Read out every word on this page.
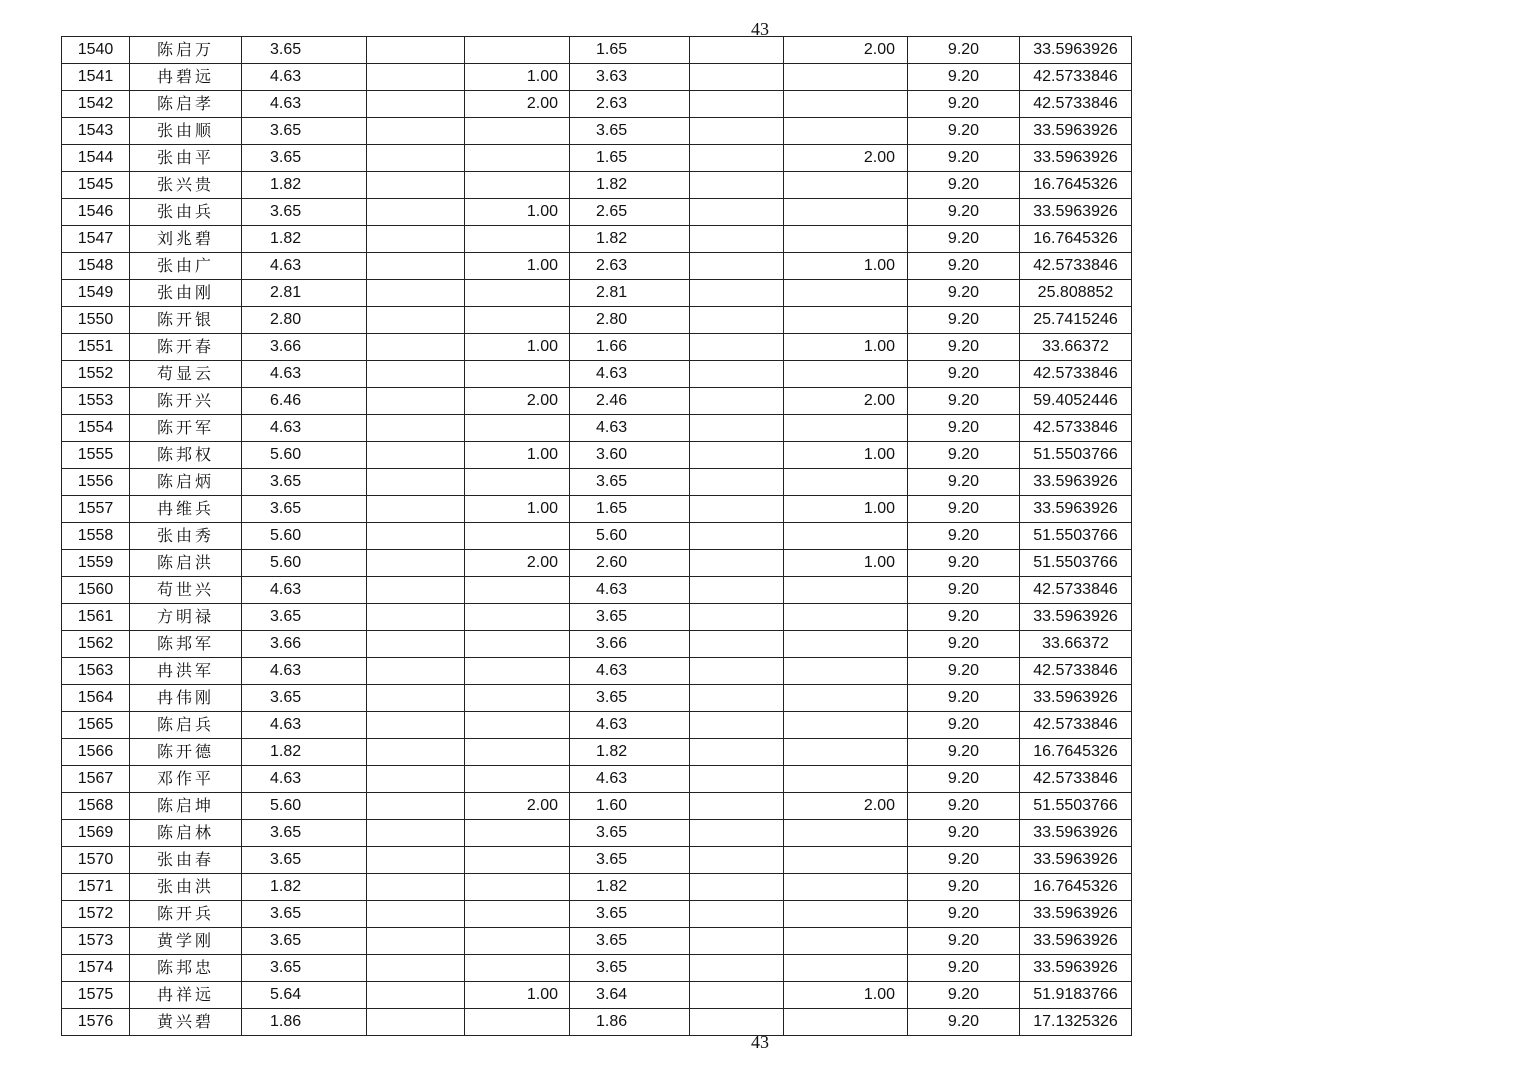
43
1540	陈启万	3.65			1.65		2.00	9.20	33.5963926
1541	冉碧远	4.63		1.00	3.63			9.20	42.5733846
1542	陈启孝	4.63		2.00	2.63			9.20	42.5733846
1543	张由顺	3.65			3.65			9.20	33.5963926
1544	张由平	3.65			1.65		2.00	9.20	33.5963926
1545	张兴贵	1.82			1.82			9.20	16.7645326
1546	张由兵	3.65		1.00	2.65			9.20	33.5963926
1547	刘兆碧	1.82			1.82			9.20	16.7645326
1548	张由广	4.63		1.00	2.63		1.00	9.20	42.5733846
1549	张由刚	2.81			2.81			9.20	25.808852
1550	陈开银	2.80			2.80			9.20	25.7415246
1551	陈开春	3.66		1.00	1.66		1.00	9.20	33.66372
1552	苟显云	4.63			4.63			9.20	42.5733846
1553	陈开兴	6.46		2.00	2.46		2.00	9.20	59.4052446
1554	陈开军	4.63			4.63			9.20	42.5733846
1555	陈邦权	5.60		1.00	3.60		1.00	9.20	51.5503766
1556	陈启炳	3.65			3.65			9.20	33.5963926
1557	冉维兵	3.65		1.00	1.65		1.00	9.20	33.5963926
1558	张由秀	5.60			5.60			9.20	51.5503766
1559	陈启洪	5.60		2.00	2.60		1.00	9.20	51.5503766
1560	苟世兴	4.63			4.63			9.20	42.5733846
1561	方明禄	3.65			3.65			9.20	33.5963926
1562	陈邦军	3.66			3.66			9.20	33.66372
1563	冉洪军	4.63			4.63			9.20	42.5733846
1564	冉伟刚	3.65			3.65			9.20	33.5963926
1565	陈启兵	4.63			4.63			9.20	42.5733846
1566	陈开德	1.82			1.82			9.20	16.7645326
1567	邓作平	4.63			4.63			9.20	42.5733846
1568	陈启坤	5.60		2.00	1.60		2.00	9.20	51.5503766
1569	陈启林	3.65			3.65			9.20	33.5963926
1570	张由春	3.65			3.65			9.20	33.5963926
1571	张由洪	1.82			1.82			9.20	16.7645326
1572	陈开兵	3.65			3.65			9.20	33.5963926
1573	黄学刚	3.65			3.65			9.20	33.5963926
1574	陈邦忠	3.65			3.65			9.20	33.5963926
1575	冉祥远	5.64		1.00	3.64		1.00	9.20	51.9183766
1576	黄兴碧	1.86			1.86			9.20	17.1325326
43
